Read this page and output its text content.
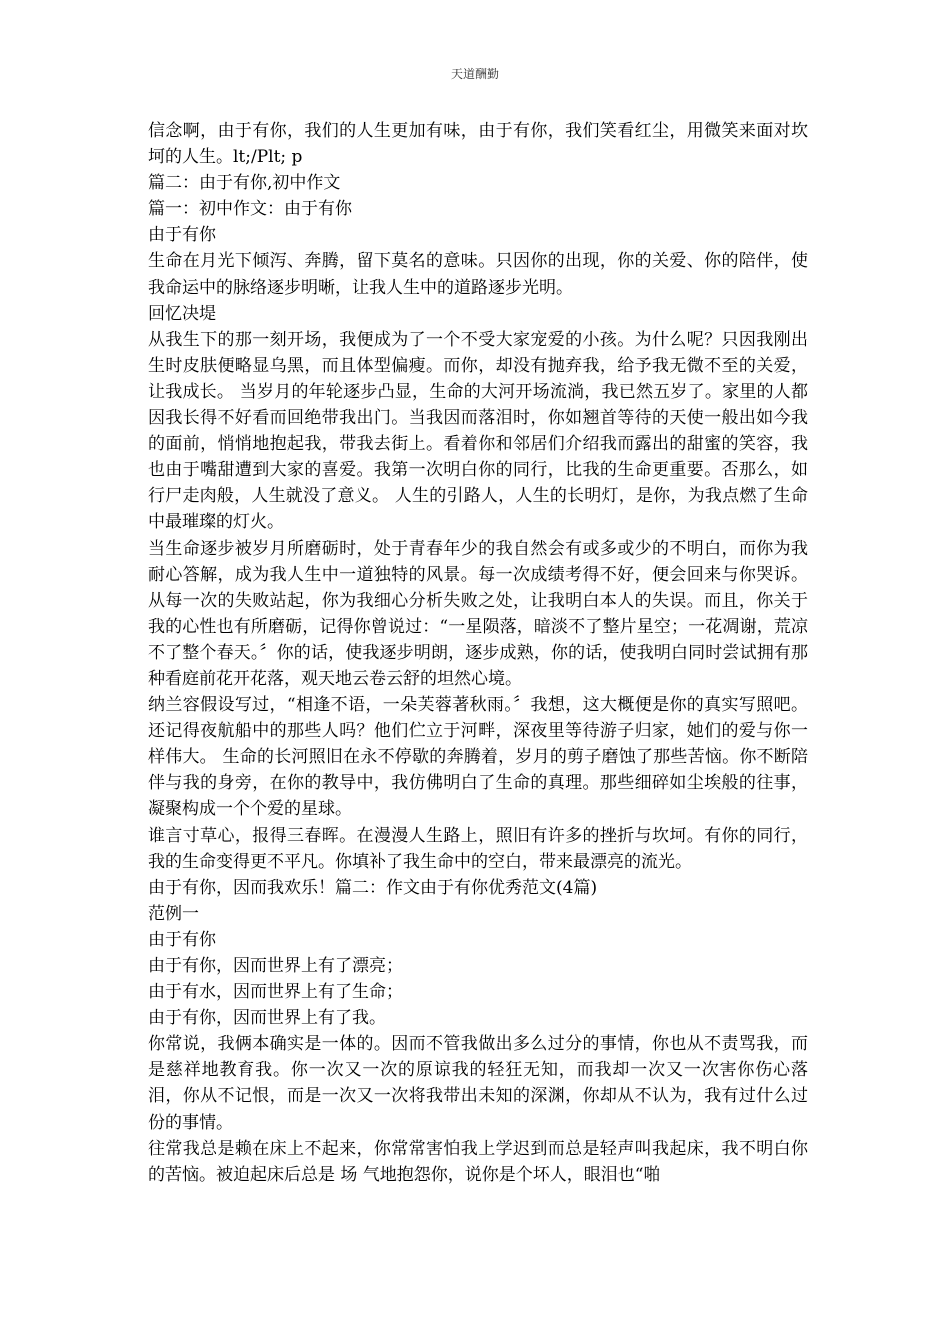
天道酬勤

信念啊，由于有你，我们的人生更加有味，由于有你，我们笑看红尘，用微笑来面对坎坷的人生。lt;/Plt; p

篇二：由于有你,初中作文

篇一：初中作文：由于有你

由于有你

生命在月光下倾泻、奔腾，留下莫名的意味。只因你的出现，你的关爱、你的陪伴，使我命运中的脉络逐步明晰，让我人生中的道路逐步光明。

回忆决堤

从我生下的那一刻开场，我便成为了一个不受大家宠爱的小孩。为什么呢？只因我刚出生时皮肤便略显乌黑，而且体型偏瘦。而你，却没有抛弃我，给予我无微不至的关爱，让我成长。 当岁月的年轮逐步凸显，生命的大河开场流淌，我已然五岁了。家里的人都因我长得不好看而回绝带我出门。当我因而落泪时，你如翘首等待的天使一般出如今我的面前，悄悄地抱起我，带我去街上。看着你和邻居们介绍我而露出的甜蜜的笑容，我也由于嘴甜遭到大家的喜爱。我第一次明白你的同行，比我的生命更重要。否那么，如行尸走肉般，人生就没了意义。 人生的引路人，人生的长明灯，是你，为我点燃了生命中最璀璨的灯火。

当生命逐步被岁月所磨砺时，处于青春年少的我自然会有或多或少的不明白，而你为我耐心答解，成为我人生中一道独特的风景。每一次成绩考得不好，便会回来与你哭诉。从每一次的失败站起，你为我细心分析失败之处，让我明白本人的失误。而且，你关于我的心性也有所磨砺，记得你曾说过：“一星陨落，暗淡不了整片星空；一花凋谢，荒凉不了整个春天。〞你的话，使我逐步明朗，逐步成熟，你的话，使我明白同时尝试拥有那种看庭前花开花落，观天地云卷云舒的坦然心境。

纳兰容假设写过，“相逢不语，一朵芙蓉著秋雨。〞我想，这大概便是你的真实写照吧。还记得夜航船中的那些人吗？他们伫立于河畔，深夜里等待游子归家，她们的爱与你一样伟大。 生命的长河照旧在永不停歇的奔腾着，岁月的剪子磨蚀了那些苦恼。你不断陪伴与我的身旁，在你的教导中，我仿佛明白了生命的真理。那些细碎如尘埃般的往事，凝聚构成一个个爱的星球。

谁言寸草心，报得三春晖。在漫漫人生路上，照旧有许多的挫折与坎坷。有你的同行，我的生命变得更不平凡。你填补了我生命中的空白，带来最漂亮的流光。

由于有你，因而我欢乐！篇二：作文由于有你优秀范文(4篇)

范例一

由于有你

由于有你，因而世界上有了漂亮；

由于有水，因而世界上有了生命；

由于有你，因而世界上有了我。

你常说，我俩本确实是一体的。因而不管我做出多么过分的事情，你也从不责骂我，而是慈祥地教育我。你一次又一次的原谅我的轻狂无知，而我却一次又一次害你伤心落泪，你从不记恨，而是一次又一次将我带出未知的深渊，你却从不认为，我有过什么过份的事情。

往常我总是赖在床上不起来，你常常害怕我上学迟到而总是轻声叫我起床，我不明白你的苦恼。被迫起床后总是 场 气地抱怨你，说你是个坏人，眼泪也“啪
